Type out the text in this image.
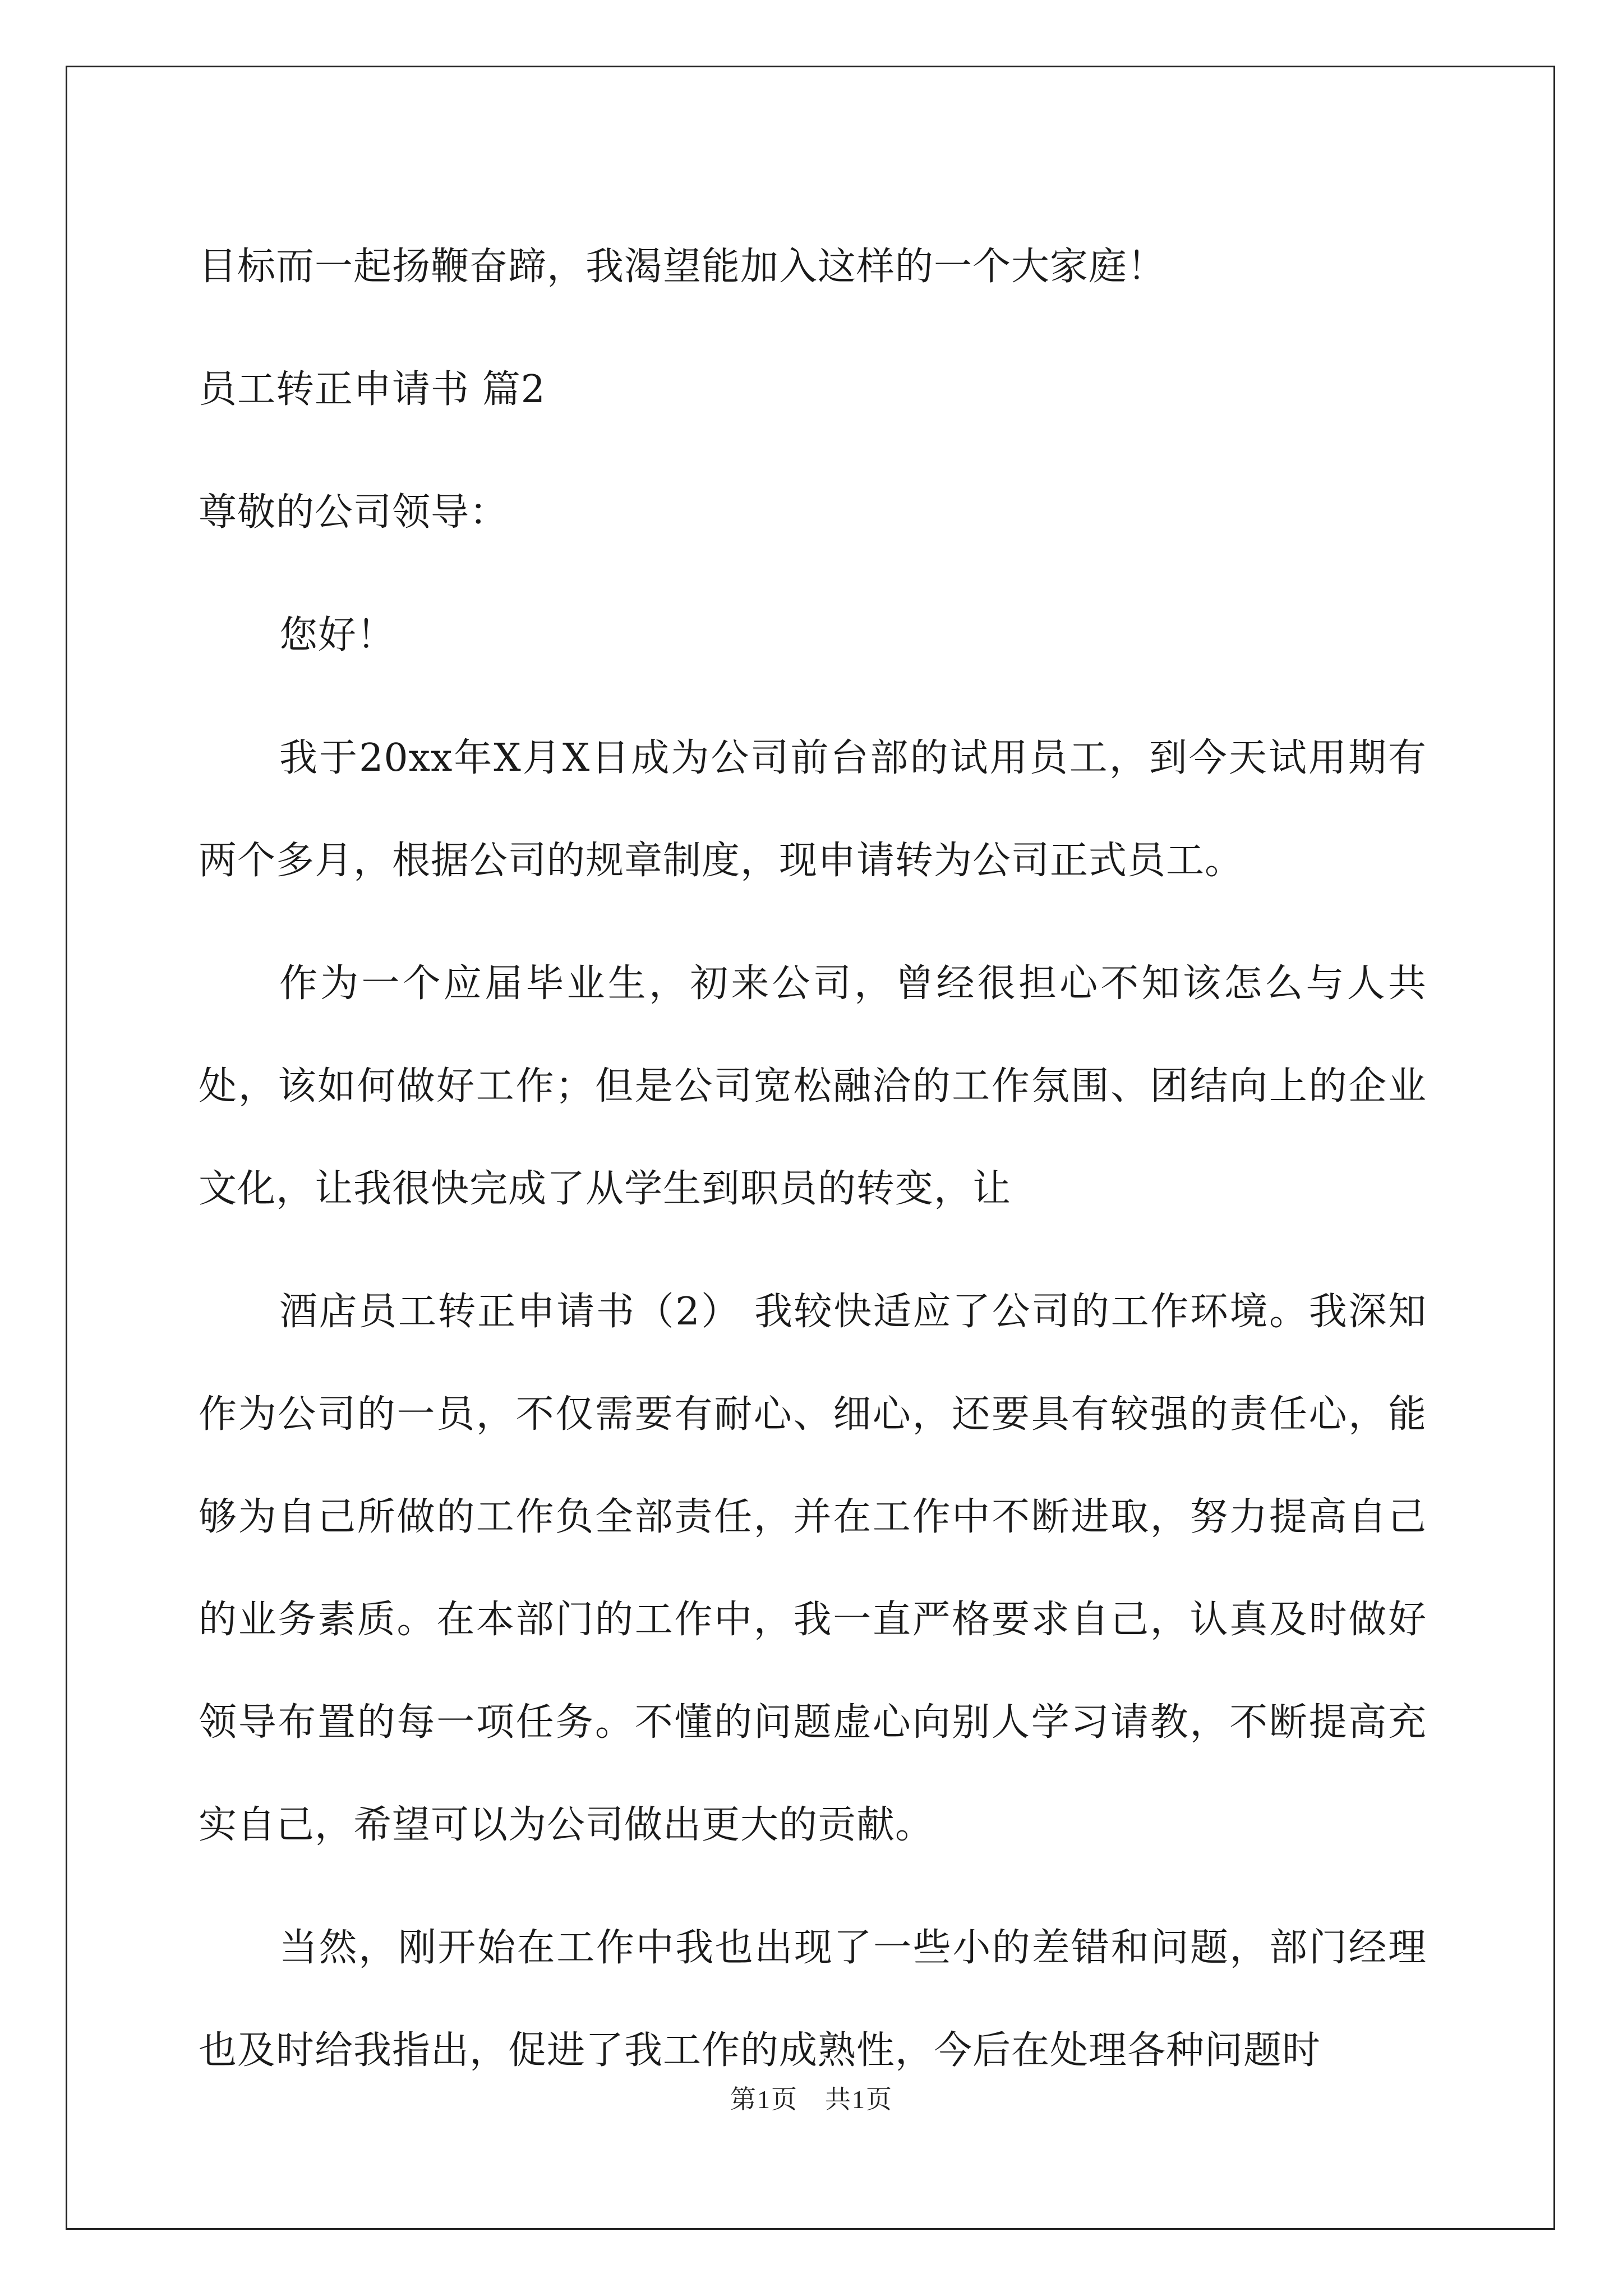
目标而一起扬鞭奋蹄，我渴望能加入这样的一个大家庭！

员工转正申请书 篇2

尊敬的公司领导：

您好！

我于20xx年X月X日成为公司前台部的试用员工，到今天试用期有两个多月，根据公司的规章制度，现申请转为公司正式员工。

作为一个应届毕业生，初来公司，曾经很担心不知该怎么与人共处，该如何做好工作；但是公司宽松融洽的工作氛围、团结向上的企业文化，让我很快完成了从学生到职员的转变，让

酒店员工转正申请书（2） 我较快适应了公司的工作环境。我深知作为公司的一员，不仅需要有耐心、细心，还要具有较强的责任心，能够为自己所做的工作负全部责任，并在工作中不断进取，努力提高自己的业务素质。在本部门的工作中，我一直严格要求自己，认真及时做好领导布置的每一项任务。不懂的问题虚心向别人学习请教，不断提高充实自己，希望可以为公司做出更大的贡献。

当然，刚开始在工作中我也出现了一些小的差错和问题，部门经理也及时给我指出，促进了我工作的成熟性，今后在处理各种问题时

第1页　共1页
